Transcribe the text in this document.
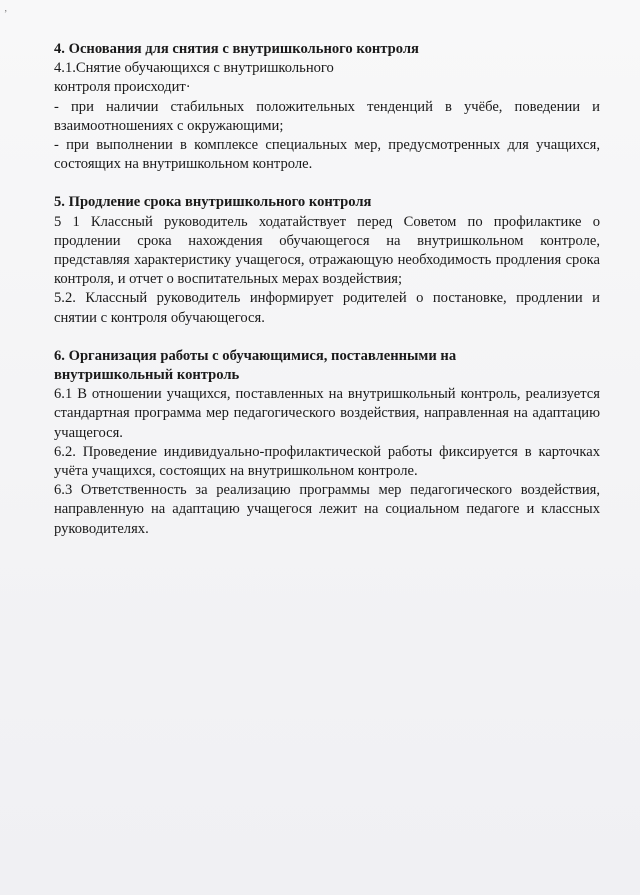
’

4. Основания для снятия с внутришкольного контроля

4.1.Снятие обучающихся с внутришкольного

контроля происходит·

- при наличии стабильных положительных тенденций в учёбе, поведении и взаимоотношениях с окружающими;

- при выполнении в комплексе специальных мер, предусмотренных для учащихся, состоящих на внутришкольном контроле.

5. Продление срока внутришкольного контроля

5 1 Классный руководитель ходатайствует перед Советом по профилактике о продлении срока нахождения обучающегося на внутришкольном контроле, представляя характеристику учащегося, отражающую необходимость продления срока контроля, и отчет о воспитательных мерах воздействия;

5.2. Классный руководитель информирует родителей о постановке, продлении и снятии с контроля обучающегося.

6. Организация работы с обучающимися, поставленными на

внутришкольный контроль

6.1 В отношении учащихся, поставленных на внутришкольный контроль, реализуется стандартная программа мер педагогического воздействия, направленная на адаптацию учащегося.

6.2. Проведение индивидуально-профилактической работы фиксируется в карточках учёта учащихся, состоящих на внутришкольном контроле.

6.3 Ответственность за реализацию программы мер педагогического воздействия, направленную на адаптацию учащегося лежит на социальном педагоге и классных руководителях.
